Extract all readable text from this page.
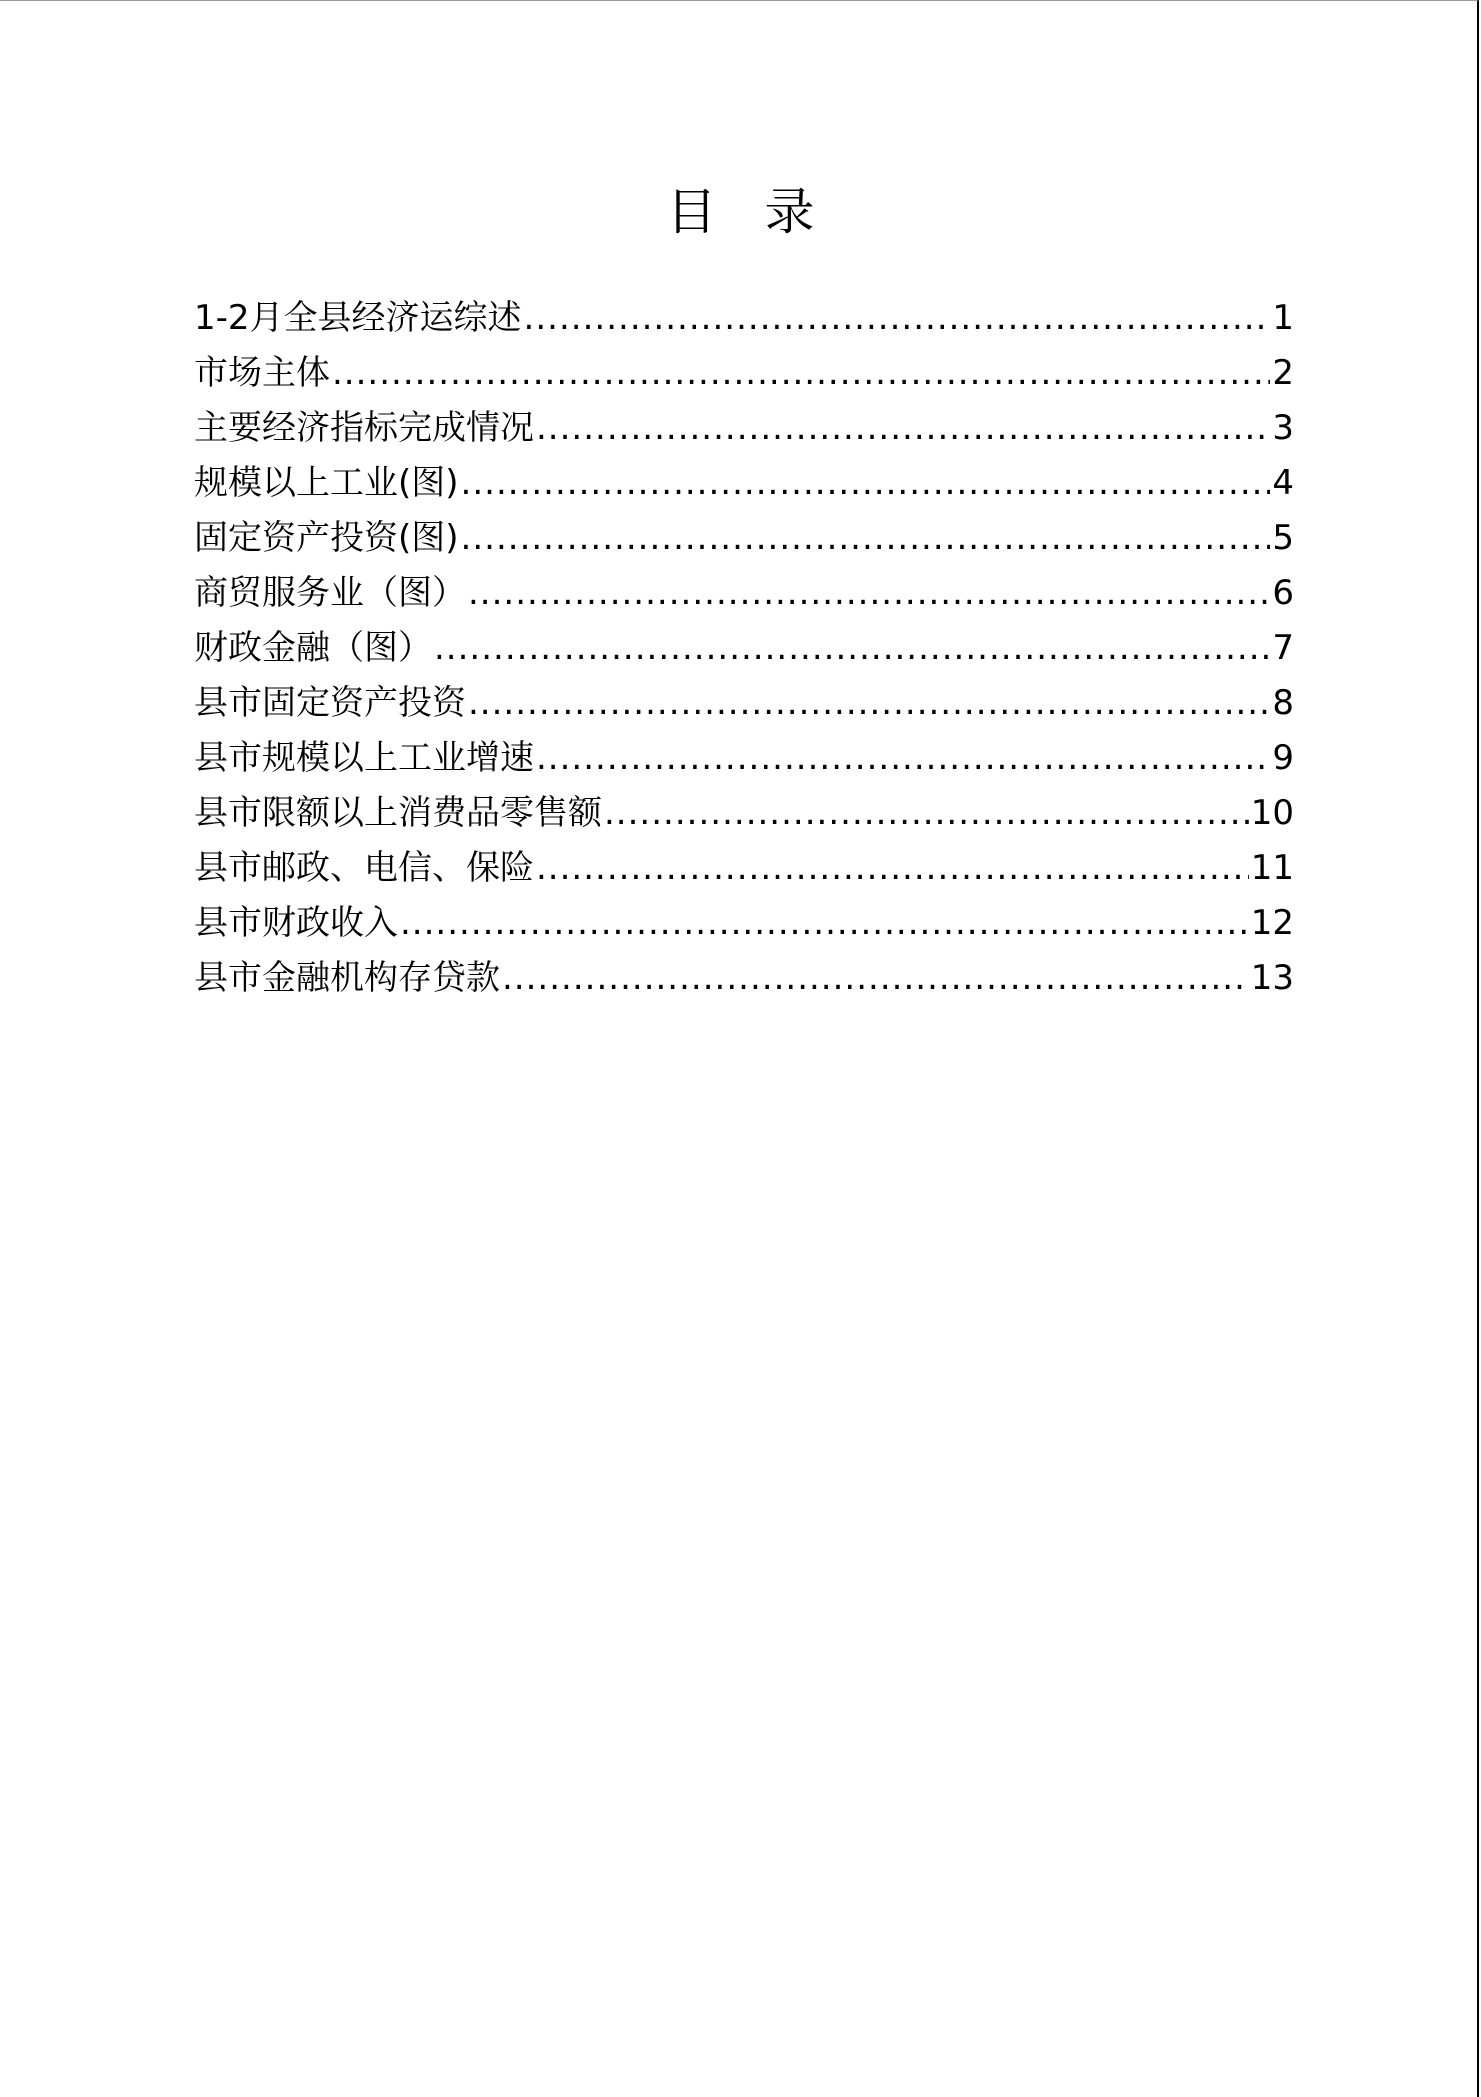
目录
1-2月全县经济运综述 .....	1
市场主体 .....	2
主要经济指标完成情况 .....	3
规模以上工业(图) .....	4
固定资产投资(图) .....	5
商贸服务业（图） .....	6
财政金融（图） .....	7
县市固定资产投资 .....	8
县市规模以上工业增速 .....	9
县市限额以上消费品零售额 .....	10
县市邮政、电信、保险 .....	11
县市财政收入 .....	12
县市金融机构存贷款 .....	13
